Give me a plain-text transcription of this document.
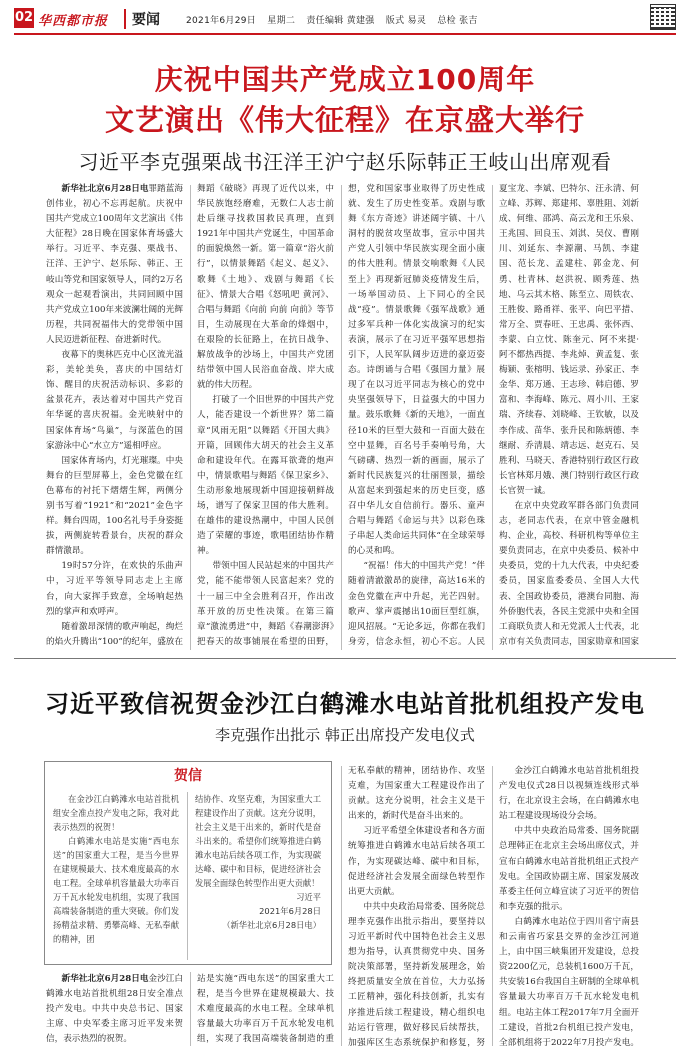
02 华西都市报	要闻	2021年6月29日 星期二 责任编辑 黄建强 版式 易灵 总检 张吉
庆祝中国共产党成立100周年
文艺演出《伟大征程》在京盛大举行
习近平李克强栗战书汪洋王沪宁赵乐际韩正王岐山出席观看

新华社北京6月28日电罪踏蓝海创伟业，初心不忘再起航。庆祝中国共产党成立100周年文艺演出《伟大征程》28日晚在国家体育场盛大举行。习近平、李克强、栗战书、汪洋、王沪宁、赵乐际、韩正、王岐山等党和国家领导人，同约2万名观众一起观看演出，共同回顾中国共产党成立100年来波澜壮阔的光辉历程，共同祝福伟大的党带领中国人民迈进新征程、奋进新时代。

夜幕下的奥林匹克中心区流光溢彩，美轮美奂，喜庆的中国结灯饰、醒目的庆祝活动标识、多彩的盆景花卉，表达着对中国共产党百年华诞的喜庆祝福。金光映射中的国家体育场“鸟巢”，与深蓝色的国家游泳中心“水立方”遥相呼应。

国家体育场内，灯光璀璨。中央舞台的巨型屏幕上，金色党徽在红色幕布的衬托下熠熠生辉，两侧分别书写着“1921”和“2021”金色字样。舞台四周，100名礼号手身姿挺拔，两侧旋转看景台，庆祝的群众群情激昂。

19时57分许，在欢快的乐曲声中，习近平等领导同志走上主席台，向大家挥手致意，全场响起热烈的掌声和欢呼声。

随着激昂深情的歌声响起，绚烂的焰火升腾出“100”的纪年，盛放在

舞蹈《破晓》再现了近代以来，中华民族饱经磨难，无数仁人志士前赴后继寻找救国救民真理，直到1921年中国共产党诞生，中国革命的面貌焕然一新。第一篇章“浴火前行”，以情景舞蹈《起义、起义》、歌舞《土地》、戏剧与舞蹈《长征》、情景大合唱《怒吼吧 黄河》、合唱与舞蹈《向前 向前 向前》等节目，生动展现在大革命的烽烟中，在艰险的长征路上，在抗日战争、解放战争的沙场上，中国共产党团结带领中国人民浴血奋战、岸大成就的伟大历程。

打破了一个旧世界的中国共产党人，能否建设一个新世界？第二篇章“风雨无阻”以舞蹈《开国大典》开篇，回顾伟大胡天的社会主义革命和建设年代。在露耳欲聋的炮声中，情景歌唱与舞蹈《保卫家乡》、生动形象地展现新中国迎接朝鲜战场，谱写了保家卫国的伟大胜利。在雄伟的建设热潮中，中国人民创造了荣耀的事迹，歌唱团结协作精神。

带领中国人民站起来的中国共产党，能不能带领人民富起来？党的十一届三中全会胜利召开，作出改革开放的历史性决策。在第三篇章“激流勇进”中，舞蹈《春潮澎湃》把春天的故事铺展在希望的田野，

想，党和国家事业取得了历史性成就、发生了历史性变革。戏剧与歌舞《东方奇迹》讲述阔宇镇、十八洞村的脱贫攻坚故事，宣示中国共产党人引领中华民族实现全面小康的伟大胜利。情景交响歌舞《人民至上》再现新冠肺炎疫情发生后，一场举国动员、上下同心的全民战“疫”。情景歌舞《强军战歌》通过多军兵种一体化实战演习的纪实表演，展示了在习近平强军思想指引下，人民军队阔步迈进的豪迈姿态。诗朗诵与合唱《强国力量》展现了在以习近平同志为核心的党中央坚强领导下，日益强大的中国力量。鼓乐歌舞《新的天地》，一面直径10米的巨型大鼓和一百面大鼓在空中显舞，百名号手奏响号角，大气磅礴、热烈一新的画面，展示了新时代民族复兴的壮丽图景，描绘从富起来到强起来的历史巨变，感召中华儿女自信前行。器乐、童声合唱与舞蹈《命运与共》以彩色珠子串起人类命运共同体“在全球荣辱的心灵和鸣。

“祝福！伟大的中国共产党！”伴随着清澈激昂的旋律，高达16米的金色党徽在声中升起，光芒四射。歌声、掌声震撼出10面巨型红旗，迎风招展。“无论多远，你都在我们身旁，信念永恒，初心不忘。人民

夏宝龙、李斌、巴特尔、汪永清、何立峰、苏辉、郑建邦、辜胜阻、刘新成、何维、邵鸿、高云龙和王乐泉、王兆国、回良玉、刘淇、吴仪、曹刚川、刘延东、李源潮、马凯、李建国、范长龙、孟建柱、郭金龙、何勇、杜青林、赵洪祝、顾秀莲、热地、乌云其木格、陈至立、周铁农、王胜俊、路甬祥、张平、向巴平措、常万全、贾春旺、王忠禹、张怀西、李蒙、白立忱、陈奎元、阿不来提·阿不都热西提、李兆焯、黄孟复、张梅颖、张榕明、钱运录、孙家正、李金华、郑万通、王志珍、韩启德、罗富和、李海峰、陈元、周小川、王家瑞、齐续春、刘晓峰、王钦敏，以及李作成、苗华、张升民和陈炳德、李继耐、乔清晨、靖志远、赵克石、吴胜利、马晓天、香港特别行政区行政长官林郑月娥、澳门特别行政区行政长官贺一诚。

在京中央党政军群各部门负责同志，老同志代表，在京中管金融机构、企业，高校、科研机构等单位主要负责同志，在京中央委员、候补中央委员，党的十九大代表，中央纪委委员，国家监委委员、全国人大代表、全国政协委员，港澳台同胞、海外侨胞代表，各民主党派中央和全国工商联负责人和无党派人士代表，北京市有关负责同志，国家勋章和国家

习近平致信祝贺金沙江白鹤滩水电站首批机组投产发电
李克强作出批示 韩正出席投产发电仪式
贺信

在金沙江白鹤滩水电站首批机组安全准点投产发电之际，我对此表示热烈的祝贺！

白鹤滩水电站是实施“西电东送”的国家重大工程，是当今世界在建规模最大、技术难度最高的水电工程。全球单机容量最大功率百万千瓦水轮发电机组，实现了我国高端装备制造的重大突破。你们发扬精益求精、勇攀高峰、无私奉献的精神，团

结协作、攻坚克难，为国家重大工程建设作出了贡献。这充分说明，社会主义是干出来的，新时代是奋斗出来的。希望你们统筹推进白鹤滩水电站后续各项工作，为实现碳达峰、碳中和目标，促进经济社会发展全面绿色转型作出更大贡献！

习近平

2021年6月28日

（新华社北京6月28日电）

新华社北京6月28日电金沙江白鹤滩水电站首批机组28日安全准点投产发电。中共中央总书记、国家主席、中央军委主席习近平发来贺信，表示热烈的祝贺。

站是实施“西电东送”的国家重大工程，是当今世界在建规模最大、技术难度最高的水电工程。全球单机容量最大功率百万千瓦水轮发电机组，实现了我国高端装备制造的重

无私奉献的精神，团结协作、攻坚克难，为国家重大工程建设作出了贡献。这充分说明，社会主义是干出来的，新时代是奋斗出来的。

习近平希望全体建设者和各方面统筹推进白鹤滩水电站后续各项工作，为实现碳达峰、碳中和目标，促进经济社会发展全面绿色转型作出更大贡献。

中共中央政治局常委、国务院总理李克强作出批示指出，要坚持以习近平新时代中国特色社会主义思想为指导，认真贯彻党中央、国务院决策部署，坚持新发展理念，始终把质量安全放在首位，大力弘扬工匠精神，强化科技创新，扎实有序推进后续工程建设，精心组织电站运行管理，做好移民后续帮扶，加强库区生态系统保护和修复，努

金沙江白鹤滩水电站首批机组投产发电仪式28日以视频连线形式举行，在北京设主会场，在白鹤滩水电站工程建设现场设分会场。

中共中央政治局常委、国务院副总理韩正在北京主会场出席仪式，并宣布白鹤滩水电站首批机组正式投产发电。全国政协副主席、国家发展改革委主任何立峰宣读了习近平的贺信和李克强的批示。

白鹤滩水电站位于四川省宁南县和云南省巧家县交界的金沙江河道上，由中国三峡集团开发建设，总投资2200亿元，总装机1600万千瓦，共安装16台我国自主研制的全球单机容量最大功率百万千瓦水轮发电机组。电站主体工程2017年7月全面开工建设，首批2台机组已投产发电，全部机组将于2022年7月投产发电。
